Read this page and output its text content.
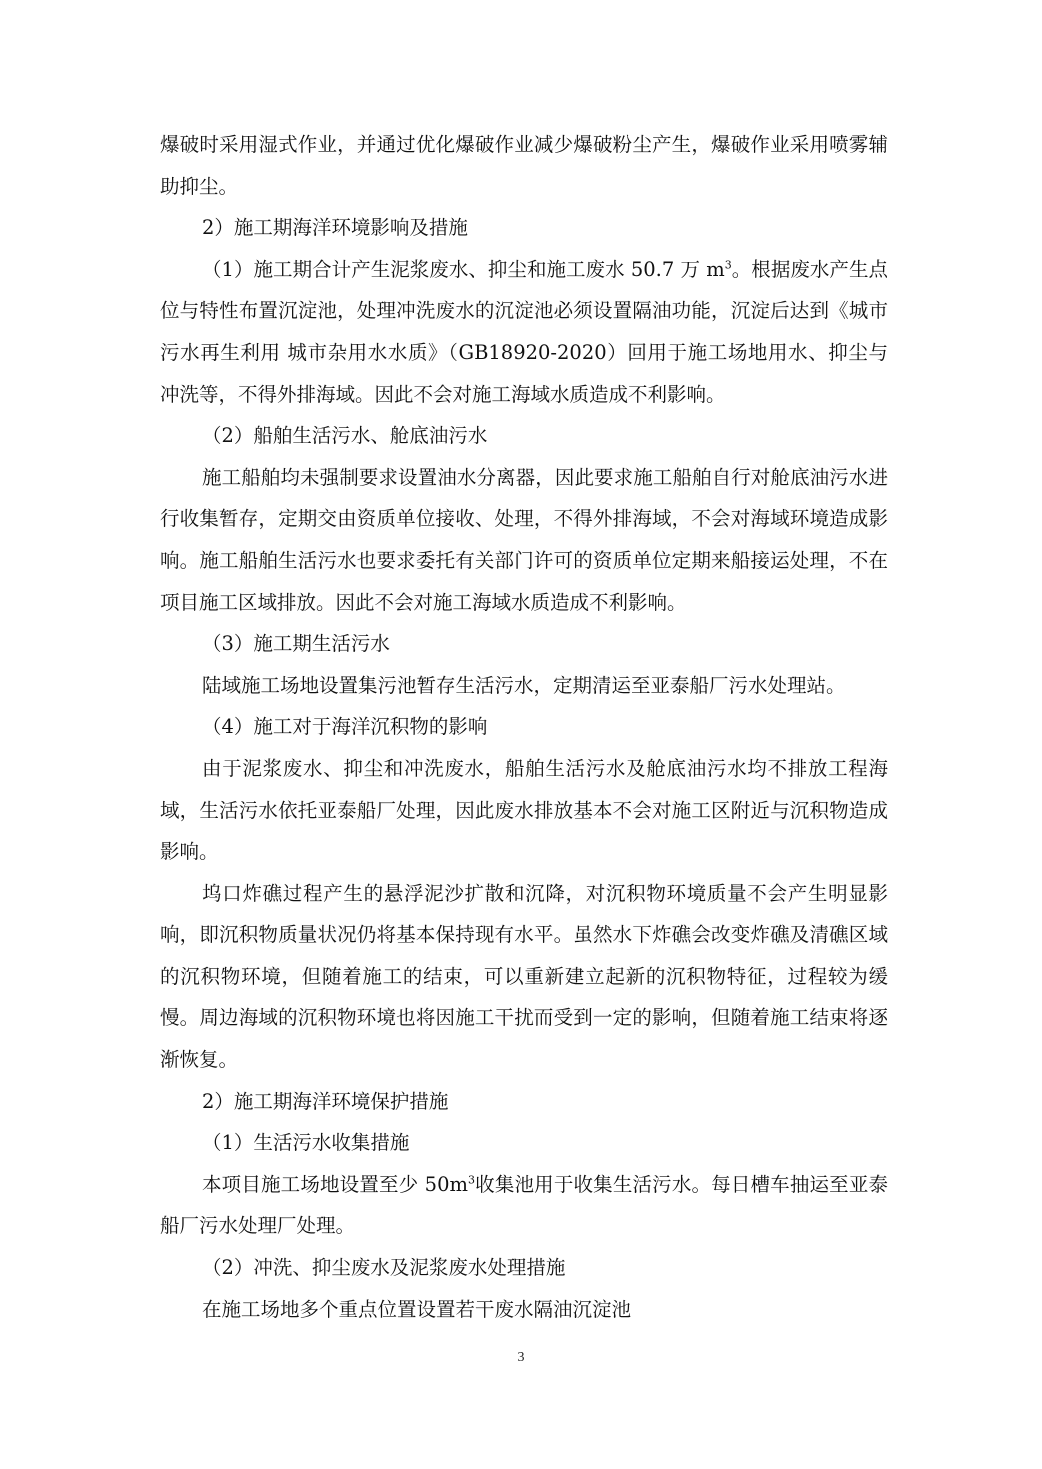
爆破时采用湿式作业，并通过优化爆破作业减少爆破粉尘产生，爆破作业采用喷雾辅助抑尘。

2）施工期海洋环境影响及措施

（1）施工期合计产生泥浆废水、抑尘和施工废水 50.7 万 $m^3$。根据废水产生点位与特性布置沉淀池，处理冲洗废水的沉淀池必须设置隔油功能，沉淀后达到《城市污水再生利用 城市杂用水水质》（GB18920-2020）回用于施工场地用水、抑尘与冲洗等，不得外排海域。因此不会对施工海域水质造成不利影响。

（2）船舶生活污水、舱底油污水

施工船舶均未强制要求设置油水分离器，因此要求施工船舶自行对舱底油污水进行收集暂存，定期交由资质单位接收、处理，不得外排海域，不会对海域环境造成影响。施工船舶生活污水也要求委托有关部门许可的资质单位定期来船接运处理，不在项目施工区域排放。因此不会对施工海域水质造成不利影响。

（3）施工期生活污水

陆域施工场地设置集污池暂存生活污水，定期清运至亚泰船厂污水处理站。

（4）施工对于海洋沉积物的影响

由于泥浆废水、抑尘和冲洗废水，船舶生活污水及舱底油污水均不排放工程海域，生活污水依托亚泰船厂处理，因此废水排放基本不会对施工区附近与沉积物造成影响。

坞口炸礁过程产生的悬浮泥沙扩散和沉降，对沉积物环境质量不会产生明显影响，即沉积物质量状况仍将基本保持现有水平。虽然水下炸礁会改变炸礁及清礁区域的沉积物环境，但随着施工的结束，可以重新建立起新的沉积物特征，过程较为缓慢。周边海域的沉积物环境也将因施工干扰而受到一定的影响，但随着施工结束将逐渐恢复。

2）施工期海洋环境保护措施

（1）生活污水收集措施

本项目施工场地设置至少 $50m^3$收集池用于收集生活污水。每日槽车抽运至亚泰船厂污水处理厂处理。

（2）冲洗、抑尘废水及泥浆废水处理措施

在施工场地多个重点位置设置若干废水隔油沉淀池

3
